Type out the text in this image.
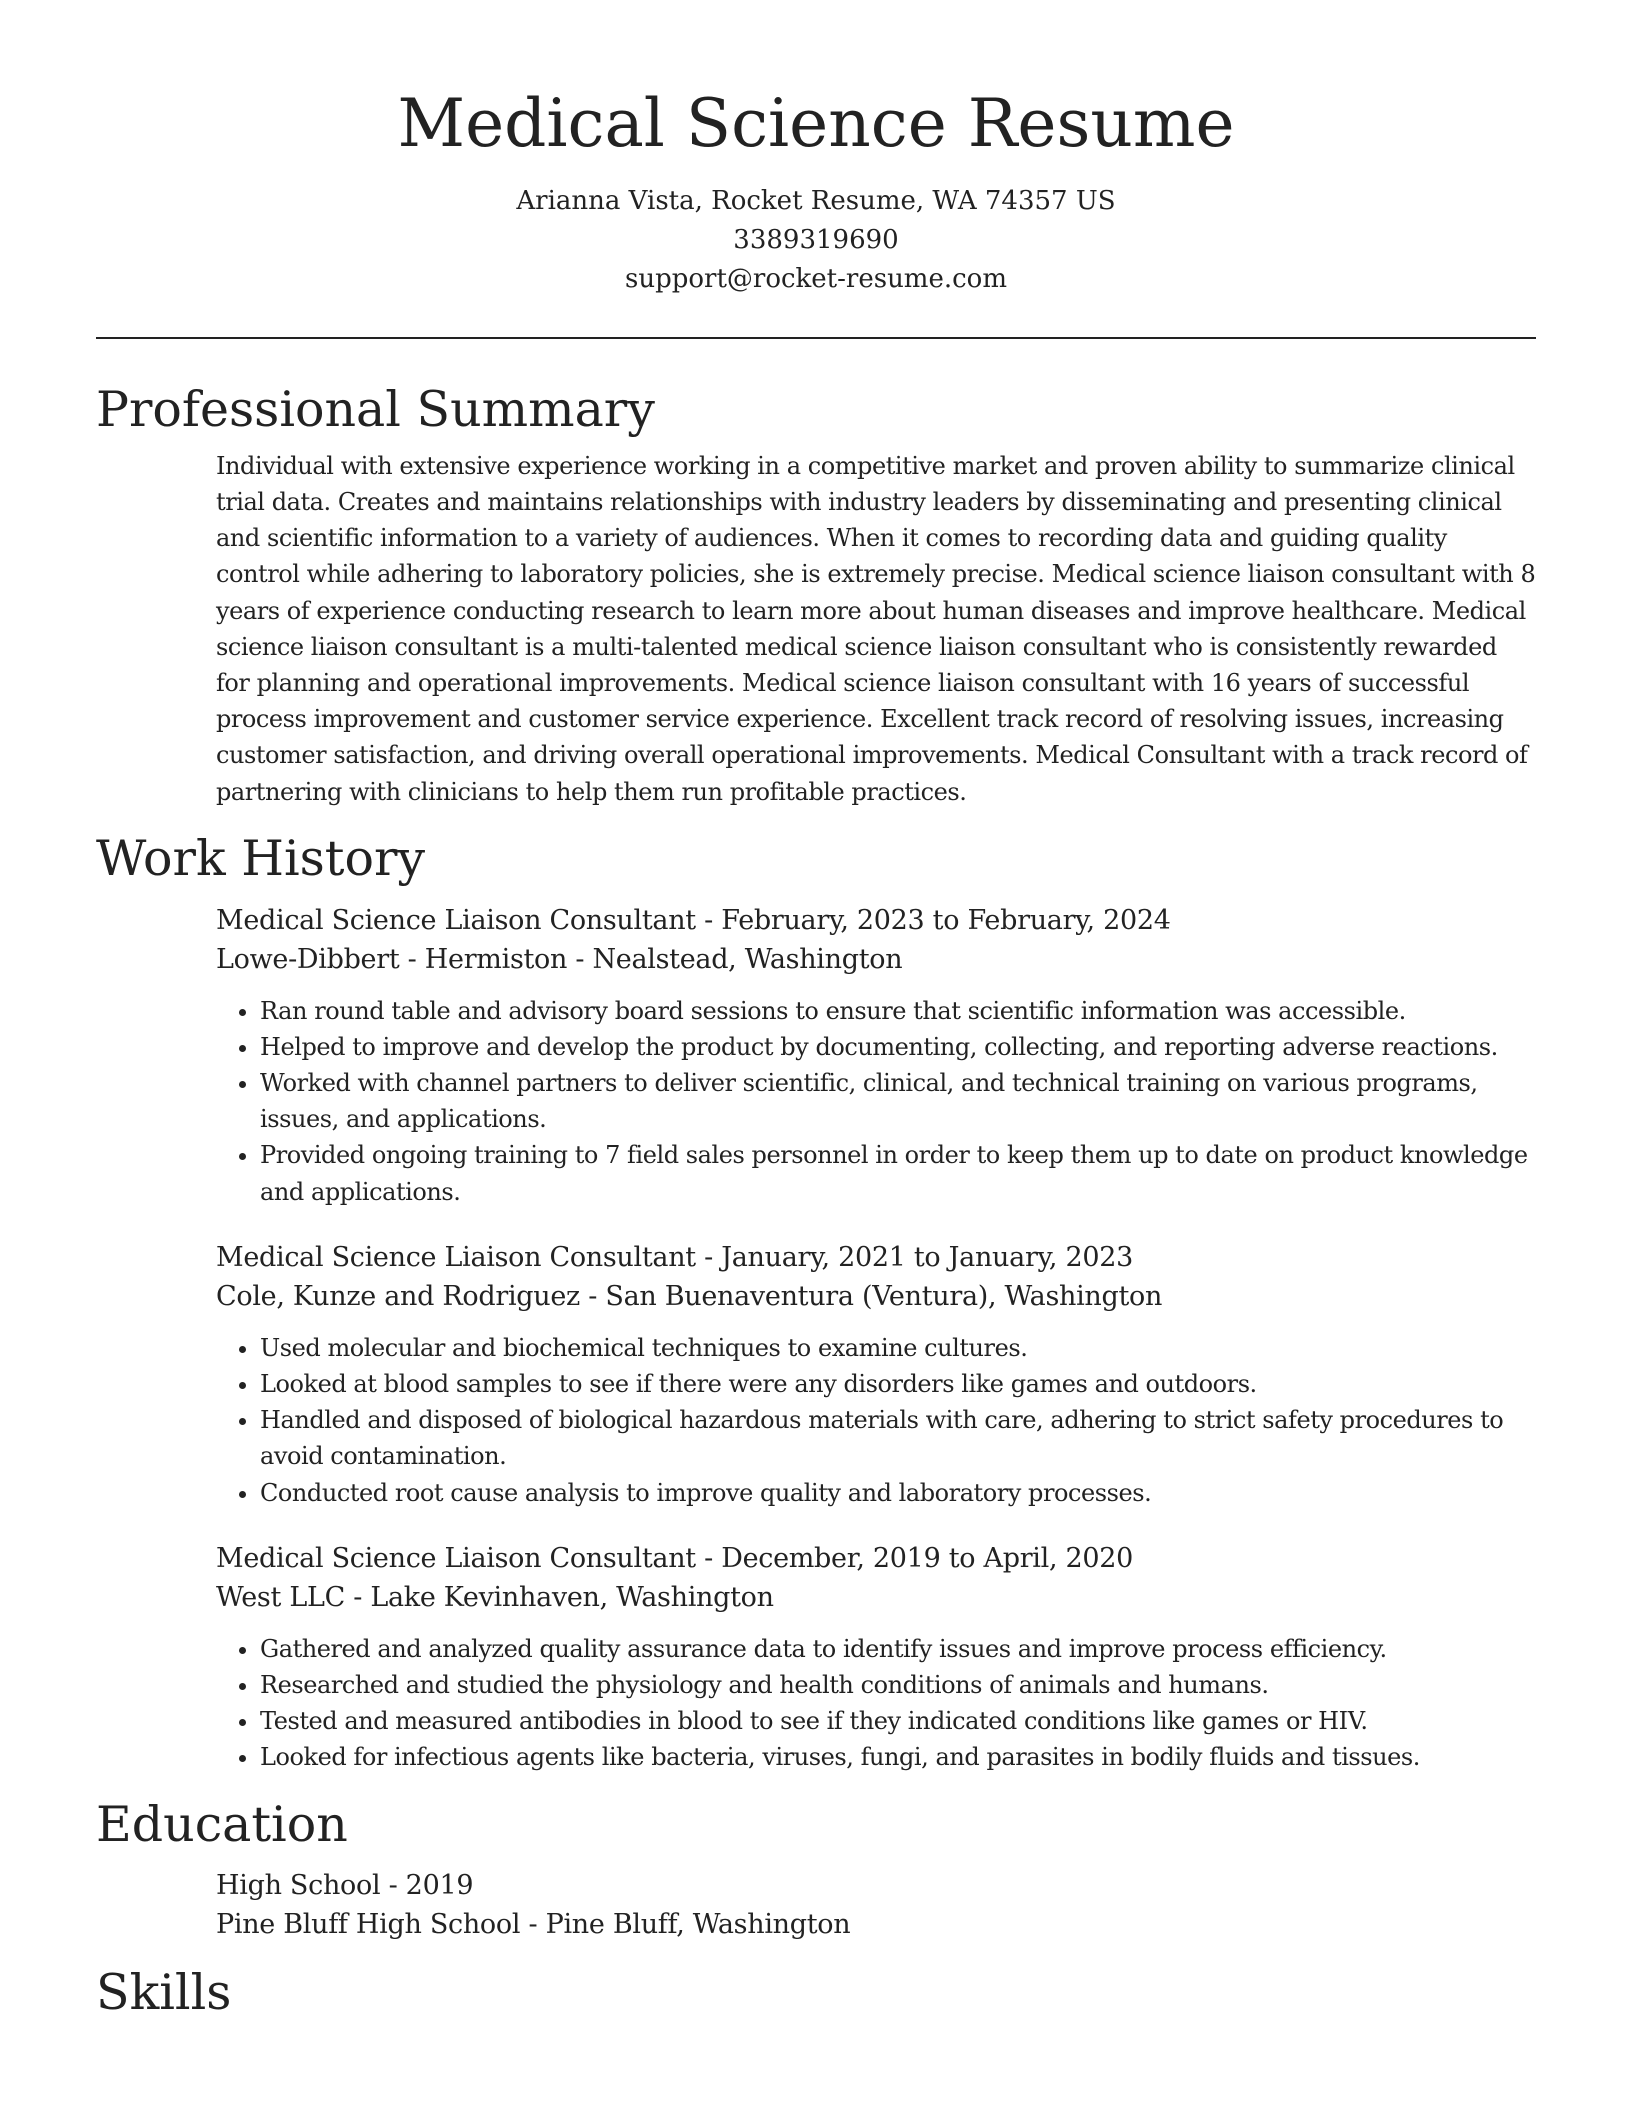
Medical Science Resume

Arianna Vista, Rocket Resume, WA 74357 US

3389319690

support@rocket-resume.com

Professional Summary

Individual with extensive experience working in a competitive market and proven ability to summarize clinical trial data. Creates and maintains relationships with industry leaders by disseminating and presenting clinical and scientific information to a variety of audiences. When it comes to recording data and guiding quality control while adhering to laboratory policies, she is extremely precise. Medical science liaison consultant with 8 years of experience conducting research to learn more about human diseases and improve healthcare. Medical science liaison consultant is a multi-talented medical science liaison consultant who is consistently rewarded for planning and operational improvements. Medical science liaison consultant with 16 years of successful process improvement and customer service experience. Excellent track record of resolving issues, increasing customer satisfaction, and driving overall operational improvements. Medical Consultant with a track record of partnering with clinicians to help them run profitable practices.

Work History

Medical Science Liaison Consultant - February, 2023 to February, 2024

Lowe-Dibbert - Hermiston - Nealstead, Washington

• Ran round table and advisory board sessions to ensure that scientific information was accessible.
• Helped to improve and develop the product by documenting, collecting, and reporting adverse reactions.
• Worked with channel partners to deliver scientific, clinical, and technical training on various programs, issues, and applications.
• Provided ongoing training to 7 field sales personnel in order to keep them up to date on product knowledge and applications.

Medical Science Liaison Consultant - January, 2021 to January, 2023

Cole, Kunze and Rodriguez - San Buenaventura (Ventura), Washington

• Used molecular and biochemical techniques to examine cultures.
• Looked at blood samples to see if there were any disorders like games and outdoors.
• Handled and disposed of biological hazardous materials with care, adhering to strict safety procedures to avoid contamination.
• Conducted root cause analysis to improve quality and laboratory processes.

Medical Science Liaison Consultant - December, 2019 to April, 2020

West LLC - Lake Kevinhaven, Washington

• Gathered and analyzed quality assurance data to identify issues and improve process efficiency.
• Researched and studied the physiology and health conditions of animals and humans.
• Tested and measured antibodies in blood to see if they indicated conditions like games or HIV.
• Looked for infectious agents like bacteria, viruses, fungi, and parasites in bodily fluids and tissues.
Education

High School - 2019

Pine Bluff High School - Pine Bluff, Washington

Skills
